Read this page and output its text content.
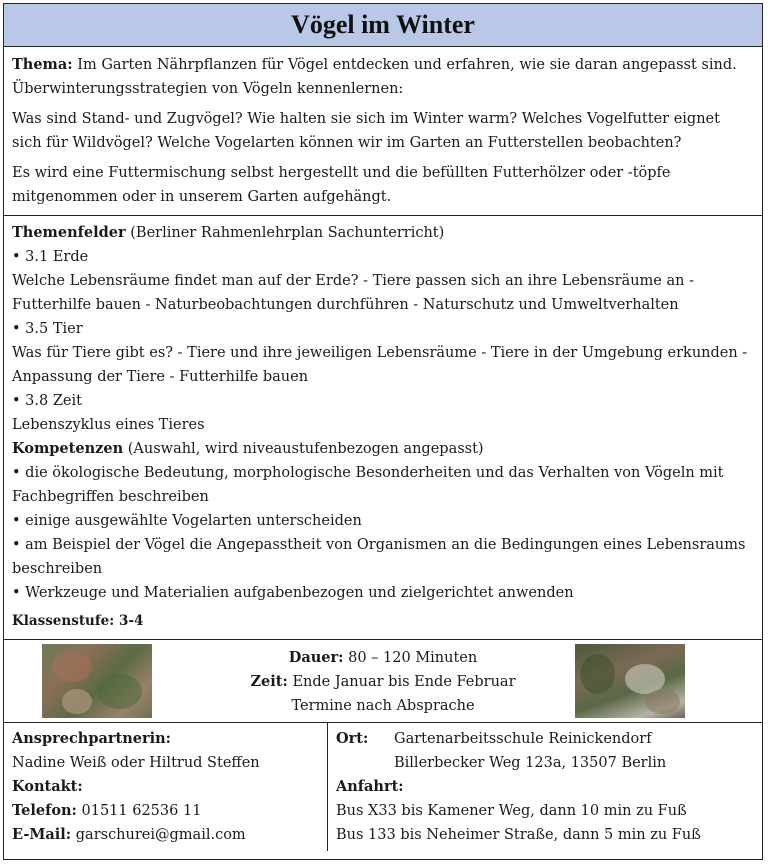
Vögel im Winter

Thema: Im Garten Nährpflanzen für Vögel entdecken und erfahren, wie sie daran angepasst sind. Überwinterungsstrategien von Vögeln kennenlernen:

Was sind Stand- und Zugvögel? Wie halten sie sich im Winter warm? Welches Vogelfutter eignet sich für Wildvögel? Welche Vogelarten können wir im Garten an Futterstellen beobachten?

Es wird eine Futtermischung selbst hergestellt und die befüllten Futterhölzer oder -töpfe mitgenommen oder in unserem Garten aufgehängt.

Themenfelder (Berliner Rahmenlehrplan Sachunterricht)
• 3.1 Erde
Welche Lebensräume findet man auf der Erde? - Tiere passen sich an ihre Lebensräume an - Futterhilfe bauen - Naturbeobachtungen durchführen - Naturschutz und Umweltverhalten
• 3.5 Tier
Was für Tiere gibt es? - Tiere und ihre jeweiligen Lebensräume - Tiere in der Umgebung erkunden - Anpassung der Tiere - Futterhilfe bauen
• 3.8 Zeit
Lebenszyklus eines Tieres
Kompetenzen (Auswahl, wird niveaustufenbezogen angepasst)
• die ökologische Bedeutung, morphologische Besonderheiten und das Verhalten von Vögeln mit Fachbegriffen beschreiben
• einige ausgewählte Vogelarten unterscheiden
• am Beispiel der Vögel die Angepasstheit von Organismen an die Bedingungen eines Lebensraums beschreiben
• Werkzeuge und Materialien aufgabenbezogen und zielgerichtet anwenden
Klassenstufe: 3-4
Dauer: 80 – 120 Minuten
Zeit: Ende Januar bis Ende Februar
Termine nach Absprache
Ansprechpartnerin:
Nadine Weiß oder Hiltrud Steffen
Kontakt:
Telefon: 01511 62536 11
E-Mail: garschurei@gmail.com
Ort:	Gartenarbeitsschule Reinickendorf
Billerbecker Weg 123a, 13507 Berlin
Anfahrt:
Bus X33 bis Kamener Weg, dann 10 min zu Fuß
Bus 133 bis Neheimer Straße, dann 5 min zu Fuß
